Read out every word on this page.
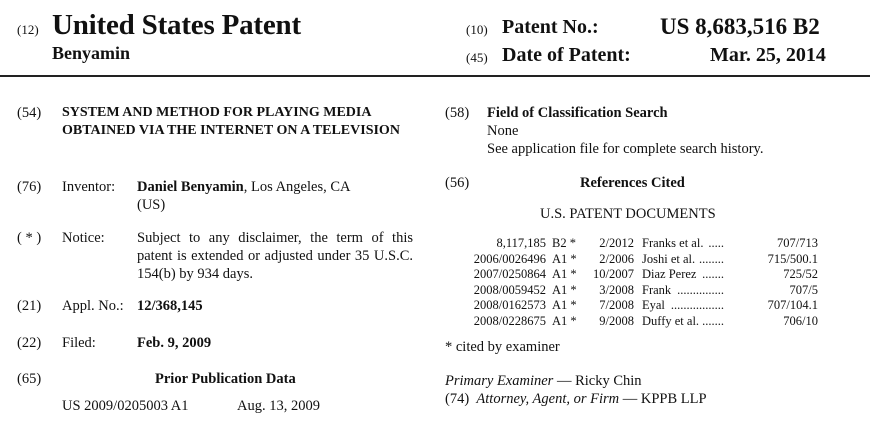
(12) United States Patent
Benyamin
(10) Patent No.:	US 8,683,516 B2
(45) Date of Patent:	Mar. 25, 2014
(54) SYSTEM AND METHOD FOR PLAYING MEDIA OBTAINED VIA THE INTERNET ON A TELEVISION
(76) Inventor: Daniel Benyamin, Los Angeles, CA
(US)
( * ) Notice: Subject to any disclaimer, the term of this patent is extended or adjusted under 35 U.S.C. 154(b) by 934 days.
(21) Appl. No.: 12/368,145
(22) Filed:	Feb. 9, 2009
(65)	Prior Publication Data
US 2009/0205003 A1	Aug. 13, 2009
(58) Field of Classification Search
None
See application file for complete search history.
(56)	References Cited
U.S. PATENT DOCUMENTS
8,117,185 B2 *	2/2012 Franks et al. .....	707/713
2006/0026496 A1 *	2/2006 Joshi et al. ........	715/500.1
2007/0250864 A1 *	10/2007 Diaz Perez .......	725/52
2008/0059452 A1 *	3/2008 Frank ...............	707/5
2008/0162573 A1 *	7/2008 Eyal .................	707/104.1
2008/0228675 A1 *	9/2008 Duffy et al. .......	706/10
* cited by examiner
Primary Examiner — Ricky Chin
(74) Attorney, Agent, or Firm — KPPB LLP
